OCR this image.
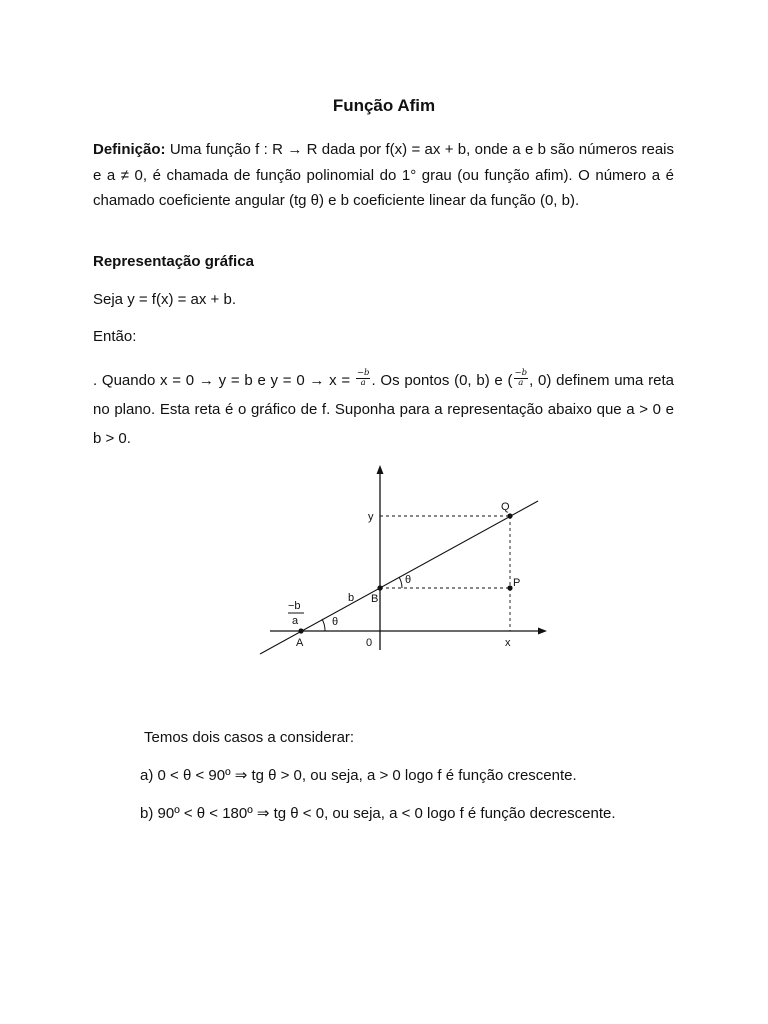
Função Afim

Definição: Uma função f : R → R dada por f(x) = ax + b, onde a e b são números reais e a ≠ 0, é chamada de função polinomial do 1° grau (ou função afim). O número a é chamado coeficiente angular (tg θ) e b coeficiente linear da função (0, b).

Representação gráfica

Seja y = f(x) = ax + b.

Então:

. Quando x = 0 → y = b e $y = 0 \to x = \frac{-b}{a}$ . Os pontos (0, b) e ( $\frac{-b}{a}$ , 0) definem uma reta no plano. Esta reta é o gráfico de f. Suponha para a representação abaixo que a > 0 e b > 0.

y
x
0
A
B
P
Q
b
θ
θ
−b
a

Temos dois casos a considerar:

a) 0 < θ < 90º ⇒ tg θ > 0, ou seja, a > 0 logo f é função crescente.

b) 90º < θ < 180º ⇒ tg θ < 0, ou seja, a < 0 logo f é função decrescente.
